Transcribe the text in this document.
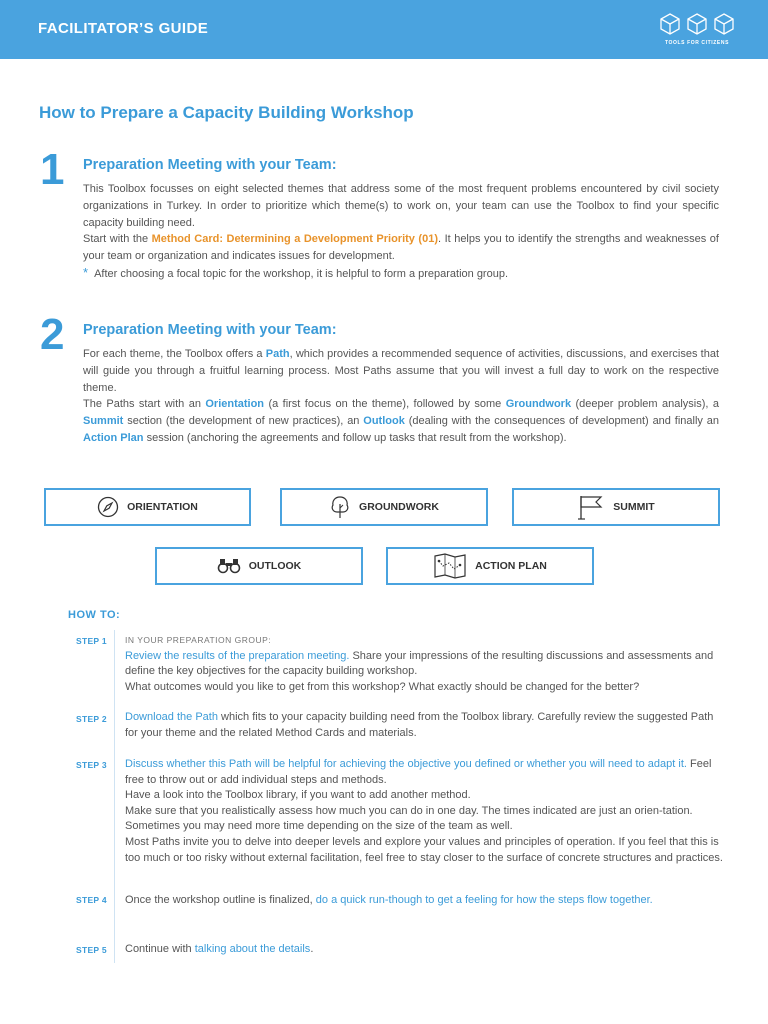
FACILITATOR’S GUIDE
TOOLS FOR CITIZENS
How to Prepare a Capacity Building Workshop
1 Preparation Meeting with your Team:

This Toolbox focusses on eight selected themes that address some of the most frequent problems encountered by civil society organizations in Turkey. In order to prioritize which theme(s) to work on, your team can use the Toolbox to find your specific capacity building need.

Start with the Method Card: Determining a Development Priority (01). It helps you to identify the strengths and weaknesses of your team or organization and indicates issues for development.

* After choosing a focal topic for the workshop, it is helpful to form a preparation group.

2 Preparation Meeting with your Team:

For each theme, the Toolbox offers a Path, which provides a recommended sequence of activities, discussions, and exercises that will guide you through a fruitful learning process. Most Paths assume that you will invest a full day to work on the respective theme.

The Paths start with an Orientation (a first focus on the theme), followed by some Groundwork (deeper problem analysis), a Summit section (the development of new practices), an Outlook (dealing with the consequences of development) and finally an Action Plan session (anchoring the agreements and follow up tasks that result from the workshop).

ORIENTATION	GROUNDWORK	SUMMIT
OUTLOOK	ACTION PLAN
HOW TO:
STEP 1 IN YOUR PREPARATION GROUP:

Review the results of the preparation meeting. Share your impressions of the resulting discussions and assessments and define the key objectives for the capacity building workshop.

What outcomes would you like to get from this workshop? What exactly should be changed for the better?

STEP 2 Download the Path which fits to your capacity building need from the Toolbox library. Carefully review the suggested Path for your theme and the related Method Cards and materials.

STEP 3 Discuss whether this Path will be helpful for achieving the objective you defined or whether you will need to adapt it. Feel free to throw out or add individual steps and methods.

Have a look into the Toolbox library, if you want to add another method.

Make sure that you realistically assess how much you can do in one day. The times indicated are just an orien-tation. Sometimes you may need more time depending on the size of the team as well.

Most Paths invite you to delve into deeper levels and explore your values and principles of operation. If you feel that this is too much or too risky without external facilitation, feel free to stay closer to the surface of concrete structures and practices.

STEP 4 Once the workshop outline is finalized, do a quick run-though to get a feeling for how the steps flow together.

STEP 5 Continue with talking about the details.
